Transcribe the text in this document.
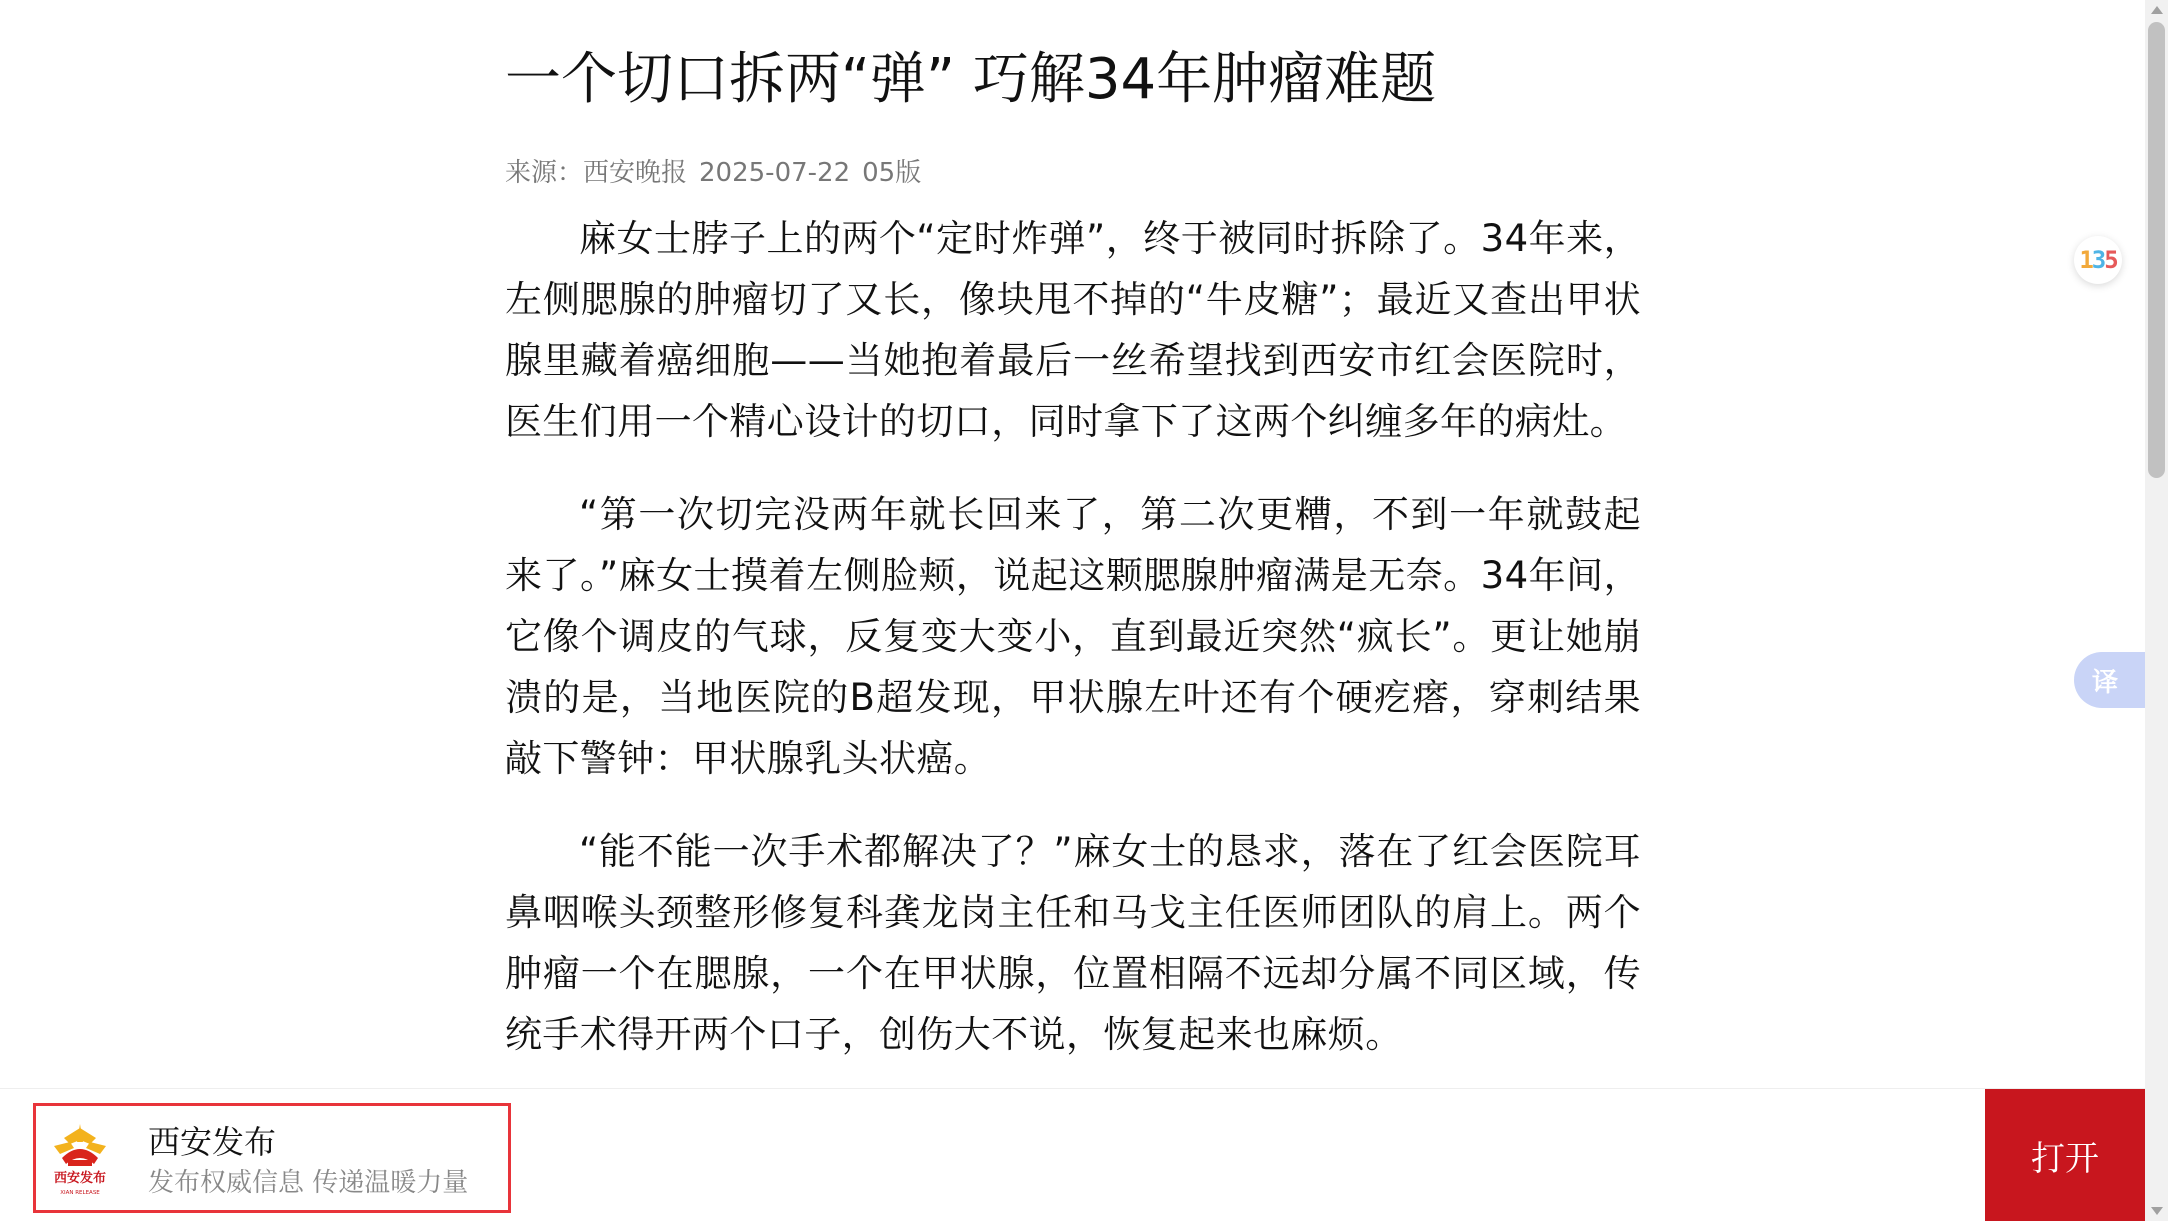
一个切口拆两“弹” 巧解34年肿瘤难题
来源：西安晚报 2025-07-22 05版

麻女士脖子上的两个“定时炸弹”，终于被同时拆除了。34年来，左侧腮腺的肿瘤切了又长，像块甩不掉的“牛皮糖”；最近又查出甲状腺里藏着癌细胞——当她抱着最后一丝希望找到西安市红会医院时，医生们用一个精心设计的切口，同时拿下了这两个纠缠多年的病灶。

“第一次切完没两年就长回来了，第二次更糟，不到一年就鼓起来了。”麻女士摸着左侧脸颊，说起这颗腮腺肿瘤满是无奈。34年间，它像个调皮的气球，反复变大变小，直到最近突然“疯长”。更让她崩溃的是，当地医院的B超发现，甲状腺左叶还有个硬疙瘩，穿刺结果敲下警钟：甲状腺乳头状癌。

“能不能一次手术都解决了？”麻女士的恳求，落在了红会医院耳鼻咽喉头颈整形修复科龚龙岗主任和马戈主任医师团队的肩上。两个肿瘤一个在腮腺，一个在甲状腺，位置相隔不远却分属不同区域，传统手术得开两个口子，创伤大不说，恢复起来也麻烦。

1 3 5
译
西安发布
XIAN RELEASE
西安发布
发布权威信息 传递温暖力量
打开
